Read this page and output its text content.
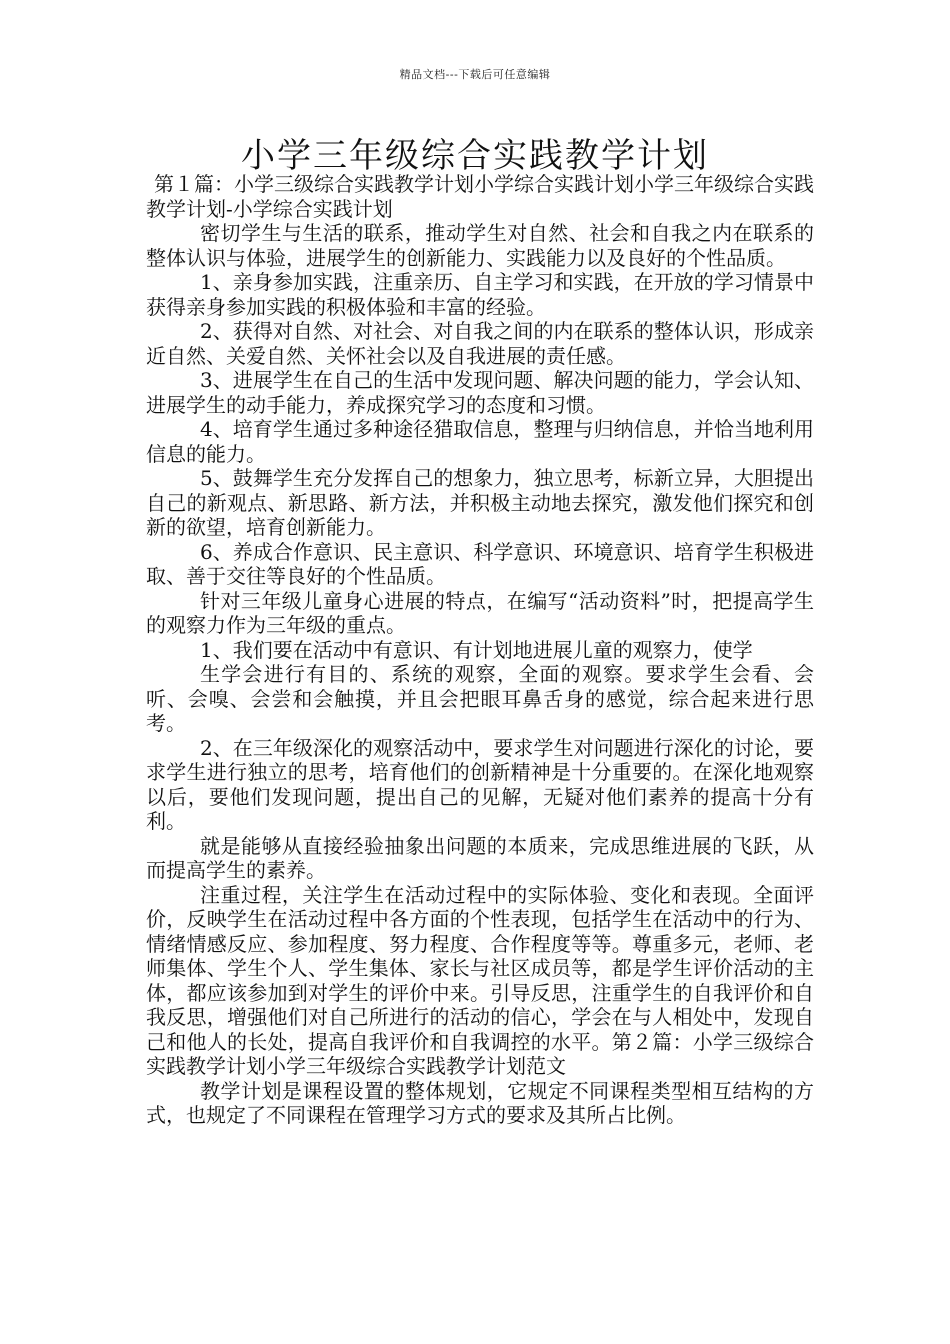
精品文档---下载后可任意编辑
小学三年级综合实践教学计划

第１篇：小学三级综合实践教学计划小学综合实践计划小学三年级综合实践教学计划-小学综合实践计划

密切学生与生活的联系，推动学生对自然、社会和自我之内在联系的整体认识与体验，进展学生的创新能力、实践能力以及良好的个性品质。

1、亲身参加实践，注重亲历、自主学习和实践，在开放的学习情景中获得亲身参加实践的积极体验和丰富的经验。

2、获得对自然、对社会、对自我之间的内在联系的整体认识，形成亲近自然、关爱自然、关怀社会以及自我进展的责任感。

3、进展学生在自己的生活中发现问题、解决问题的能力，学会认知、进展学生的动手能力，养成探究学习的态度和习惯。

4、培育学生通过多种途径猎取信息，整理与归纳信息，并恰当地利用信息的能力。

5、鼓舞学生充分发挥自己的想象力，独立思考，标新立异，大胆提出自己的新观点、新思路、新方法，并积极主动地去探究，激发他们探究和创新的欲望，培育创新能力。

6、养成合作意识、民主意识、科学意识、环境意识、培育学生积极进取、善于交往等良好的个性品质。

针对三年级儿童身心进展的特点，在编写“活动资料”时，把提高学生的观察力作为三年级的重点。

1、我们要在活动中有意识、有计划地进展儿童的观察力，使学

生学会进行有目的、系统的观察，全面的观察。要求学生会看、会听、会嗅、会尝和会触摸，并且会把眼耳鼻舌身的感觉，综合起来进行思考。

2、在三年级深化的观察活动中，要求学生对问题进行深化的讨论，要求学生进行独立的思考，培育他们的创新精神是十分重要的。在深化地观察以后，要他们发现问题，提出自己的见解，无疑对他们素养的提高十分有利。

就是能够从直接经验抽象出问题的本质来，完成思维进展的飞跃，从而提高学生的素养。

注重过程，关注学生在活动过程中的实际体验、变化和表现。全面评价，反映学生在活动过程中各方面的个性表现，包括学生在活动中的行为、情绪情感反应、参加程度、努力程度、合作程度等等。尊重多元，老师、老师集体、学生个人、学生集体、家长与社区成员等，都是学生评价活动的主体，都应该参加到对学生的评价中来。引导反思，注重学生的自我评价和自我反思，增强他们对自己所进行的活动的信心，学会在与人相处中，发现自己和他人的长处，提高自我评价和自我调控的水平。第２篇：小学三级综合实践教学计划小学三年级综合实践教学计划范文

教学计划是课程设置的整体规划，它规定不同课程类型相互结构的方式，也规定了不同课程在管理学习方式的要求及其所占比例。
